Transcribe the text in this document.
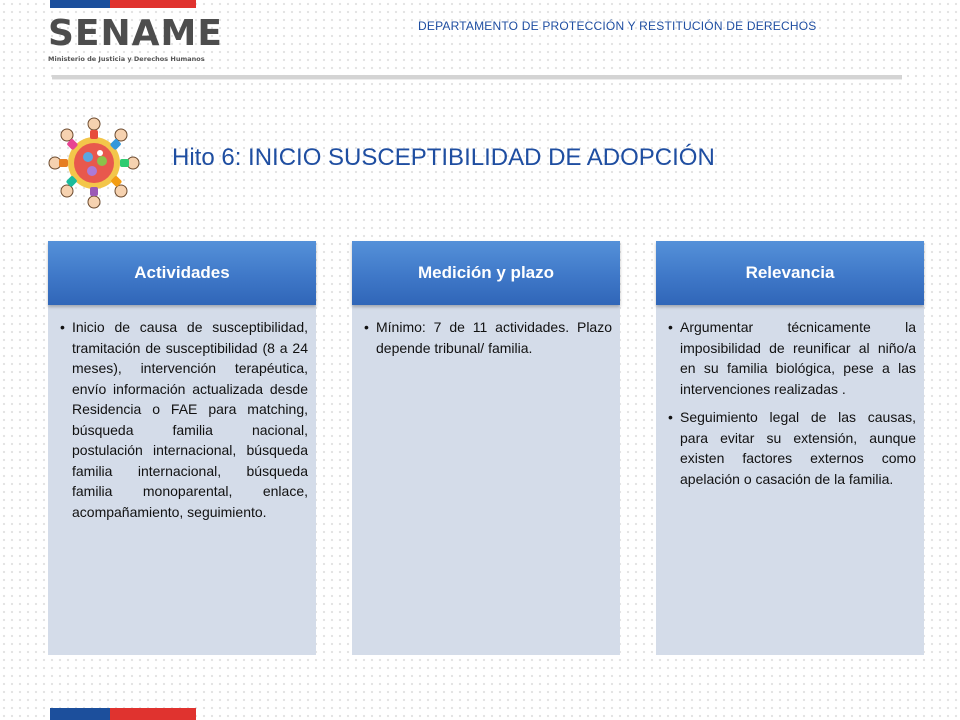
SENAME
Ministerio de Justicia y Derechos Humanos
DEPARTAMENTO DE PROTECCIÓN Y RESTITUCIÓN DE DERECHOS
Hito 6: INICIO SUSCEPTIBILIDAD DE ADOPCIÓN
Actividades
• Inicio de causa de susceptibilidad, tramitación de susceptibilidad (8 a 24 meses), intervención terapéutica, envío información actualizada desde Residencia o FAE para matching, búsqueda familia nacional, postulación internacional, búsqueda familia internacional, búsqueda familia monoparental, enlace, acompañamiento, seguimiento.
Medición y plazo
• Mínimo: 7 de 11 actividades. Plazo depende tribunal/ familia.
Relevancia
• Argumentar técnicamente la imposibilidad de reunificar al niño/a en su familia biológica, pese a las intervenciones realizadas .
• Seguimiento legal de las causas, para evitar su extensión, aunque existen factores externos como apelación o casación de la familia.
